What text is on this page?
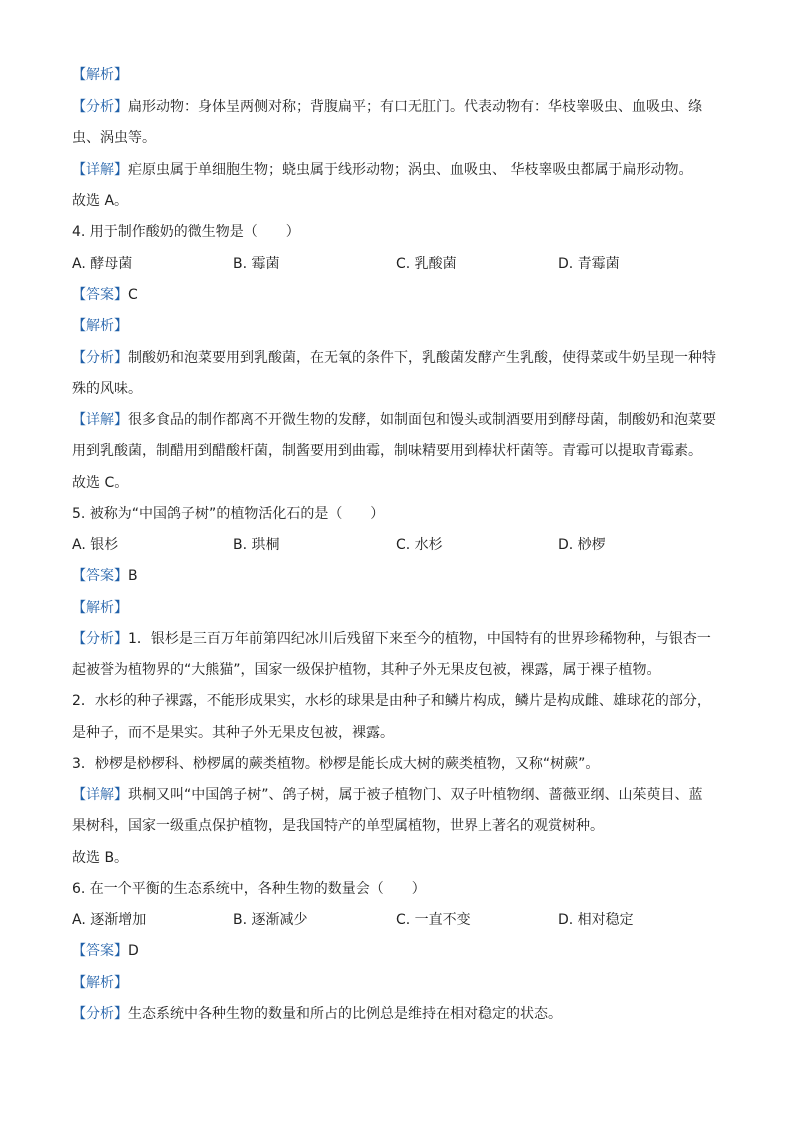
【解析】
【分析】扁形动物：身体呈两侧对称；背腹扁平；有口无肛门。代表动物有：华枝睾吸虫、血吸虫、绦
虫、涡虫等。
【详解】疟原虫属于单细胞生物；蛲虫属于线形动物；涡虫、血吸虫、 华枝睾吸虫都属于扁形动物。
故选 A。
4. 用于制作酸奶的微生物是（　　）
A. 酵母菌	B. 霉菌	C. 乳酸菌	D. 青霉菌
【答案】C
【解析】
【分析】制酸奶和泡菜要用到乳酸菌，在无氧的条件下，乳酸菌发酵产生乳酸，使得菜或牛奶呈现一种特
殊的风味。
【详解】很多食品的制作都离不开微生物的发酵，如制面包和馒头或制酒要用到酵母菌，制酸奶和泡菜要
用到乳酸菌，制醋用到醋酸杆菌，制酱要用到曲霉，制味精要用到棒状杆菌等。青霉可以提取青霉素。
故选 C。
5. 被称为“中国鸽子树”的植物活化石的是（　　）
A. 银杉	B. 珙桐	C. 水杉	D. 桫椤
【答案】B
【解析】
【分析】1．银杉是三百万年前第四纪冰川后残留下来至今的植物，中国特有的世界珍稀物种，与银杏一
起被誉为植物界的“大熊猫”，国家一级保护植物，其种子外无果皮包被，裸露，属于裸子植物。
2．水杉的种子裸露，不能形成果实，水杉的球果是由种子和鳞片构成，鳞片是构成雌、雄球花的部分，
是种子，而不是果实。其种子外无果皮包被，裸露。
3．桫椤是桫椤科、桫椤属的蕨类植物。桫椤是能长成大树的蕨类植物，又称“树蕨”。
【详解】珙桐又叫“中国鸽子树”、鸽子树，属于被子植物门、双子叶植物纲、蔷薇亚纲、山茱萸目、蓝
果树科，国家一级重点保护植物，是我国特产的单型属植物，世界上著名的观赏树种。
故选 B。
6. 在一个平衡的生态系统中，各种生物的数量会（　　）
A. 逐渐增加	B. 逐渐减少	C. 一直不变	D. 相对稳定
【答案】D
【解析】
【分析】生态系统中各种生物的数量和所占的比例总是维持在相对稳定的状态。
